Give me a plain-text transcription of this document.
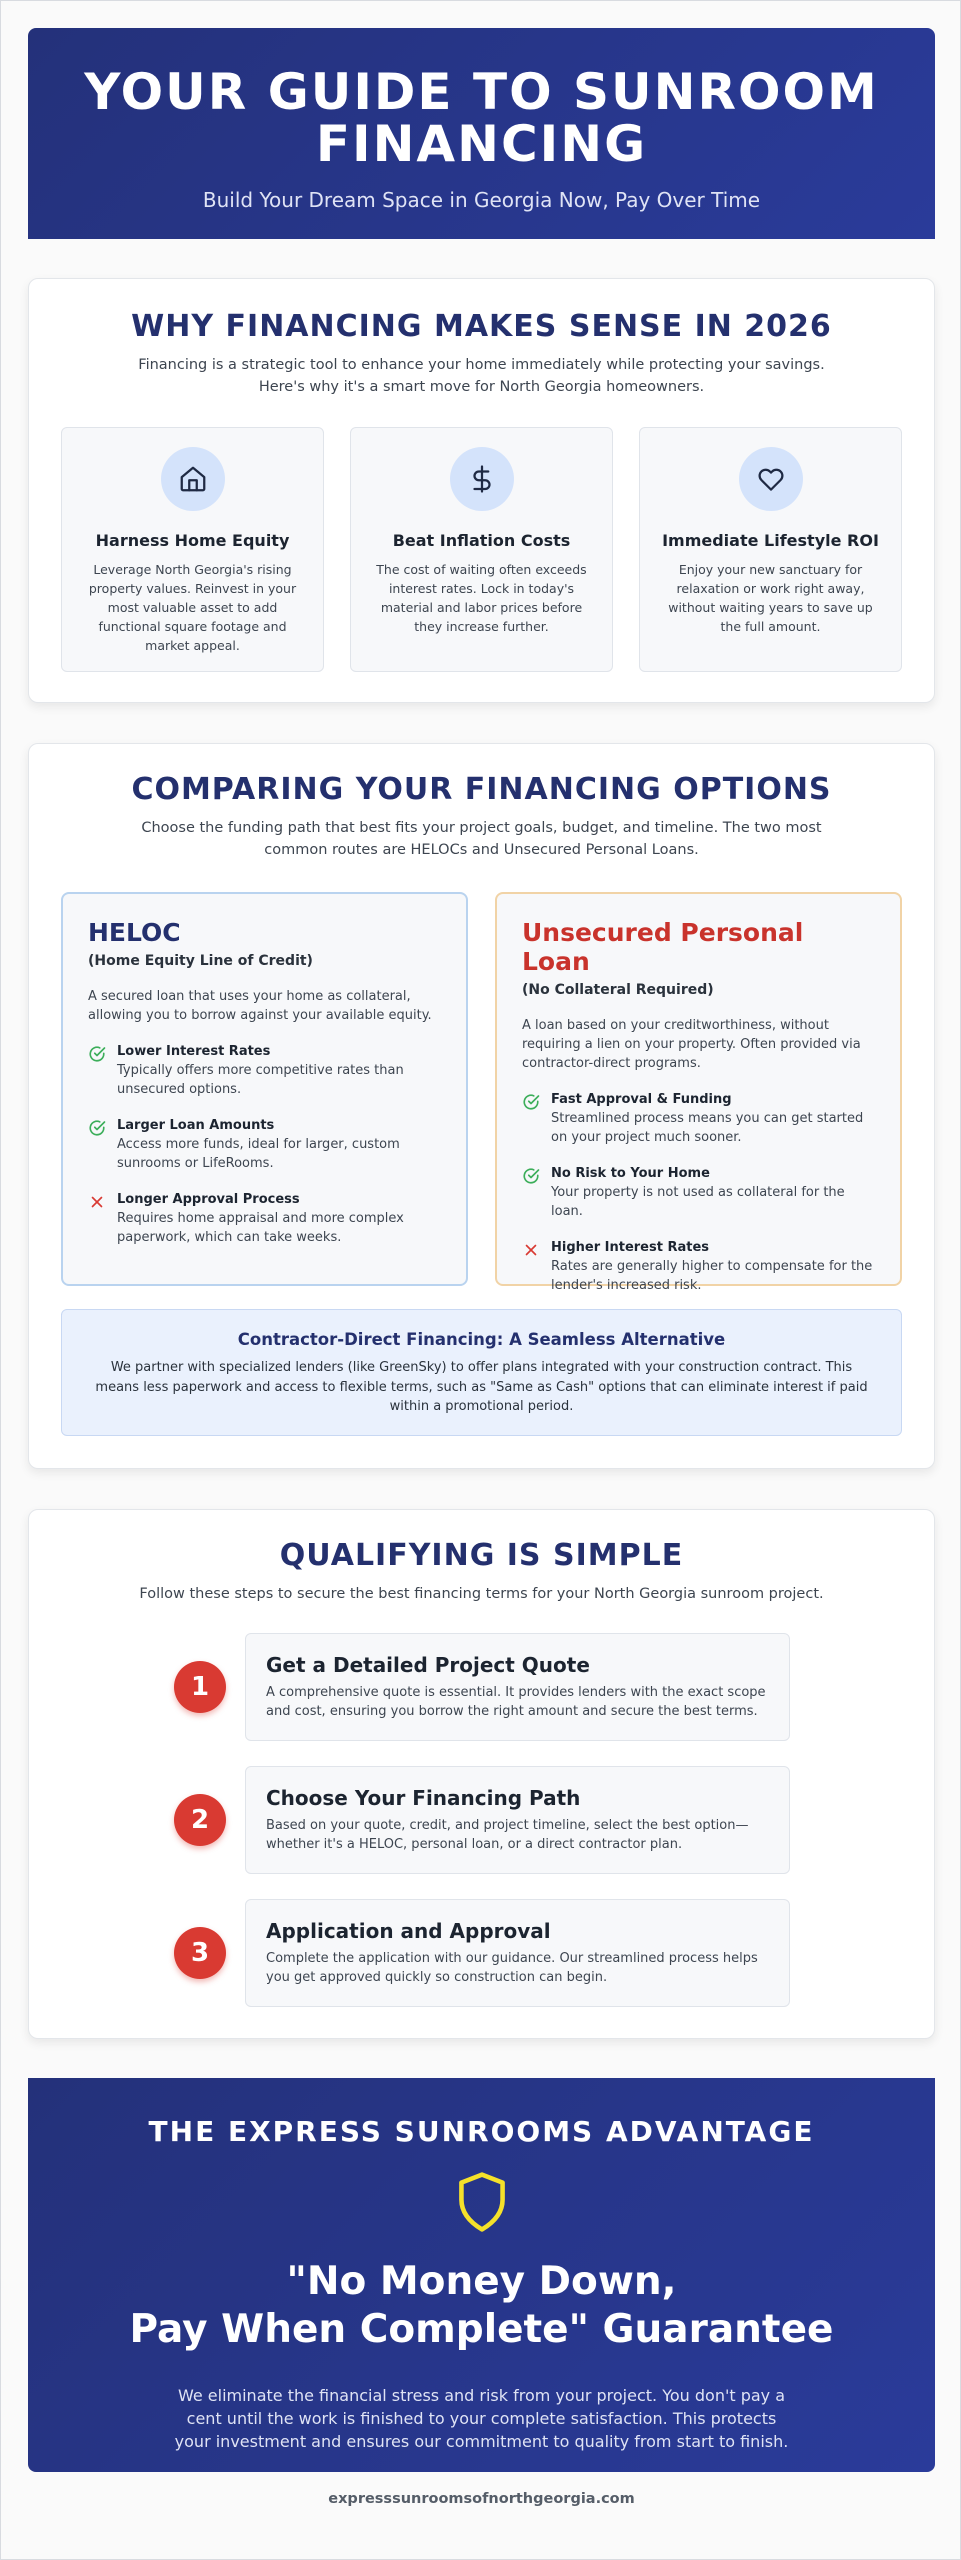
YOUR GUIDE TO SUNROOM FINANCING
Build Your Dream Space in Georgia Now, Pay Over Time
WHY FINANCING MAKES SENSE IN 2026
Financing is a strategic tool to enhance your home immediately while protecting your savings. Here's why it's a smart move for North Georgia homeowners.
Harness Home Equity

Leverage North Georgia's rising property values. Reinvest in your most valuable asset to add functional square footage and market appeal.

Beat Inflation Costs

The cost of waiting often exceeds interest rates. Lock in today's material and labor prices before they increase further.

Immediate Lifestyle ROI

Enjoy your new sanctuary for relaxation or work right away, without waiting years to save up the full amount.

COMPARING YOUR FINANCING OPTIONS
Choose the funding path that best fits your project goals, budget, and timeline. The two most common routes are HELOCs and Unsecured Personal Loans.
HELOC
(Home Equity Line of Credit)
A secured loan that uses your home as collateral, allowing you to borrow against your available equity.
Lower Interest Rates
Typically offers more competitive rates than unsecured options.
Larger Loan Amounts
Access more funds, ideal for larger, custom sunrooms or LifeRooms.
Longer Approval Process
Requires home appraisal and more complex paperwork, which can take weeks.
Unsecured Personal Loan
(No Collateral Required)
A loan based on your creditworthiness, without requiring a lien on your property. Often provided via contractor-direct programs.
Fast Approval & Funding
Streamlined process means you can get started on your project much sooner.
No Risk to Your Home
Your property is not used as collateral for the loan.
Higher Interest Rates
Rates are generally higher to compensate for the lender's increased risk.
Contractor-Direct Financing: A Seamless Alternative

We partner with specialized lenders (like GreenSky) to offer plans integrated with your construction contract. This means less paperwork and access to flexible terms, such as "Same as Cash" options that can eliminate interest if paid within a promotional period.

QUALIFYING IS SIMPLE
Follow these steps to secure the best financing terms for your North Georgia sunroom project.
1
Get a Detailed Project Quote

A comprehensive quote is essential. It provides lenders with the exact scope and cost, ensuring you borrow the right amount and secure the best terms.

2
Choose Your Financing Path

Based on your quote, credit, and project timeline, select the best option—whether it's a HELOC, personal loan, or a direct contractor plan.

3
Application and Approval

Complete the application with our guidance. Our streamlined process helps you get approved quickly so construction can begin.

THE EXPRESS SUNROOMS ADVANTAGE
"No Money Down,
Pay When Complete" Guarantee

We eliminate the financial stress and risk from your project. You don't pay a cent until the work is finished to your complete satisfaction. This protects your investment and ensures our commitment to quality from start to finish.

expresssunroomsofnorthgeorgia.com
